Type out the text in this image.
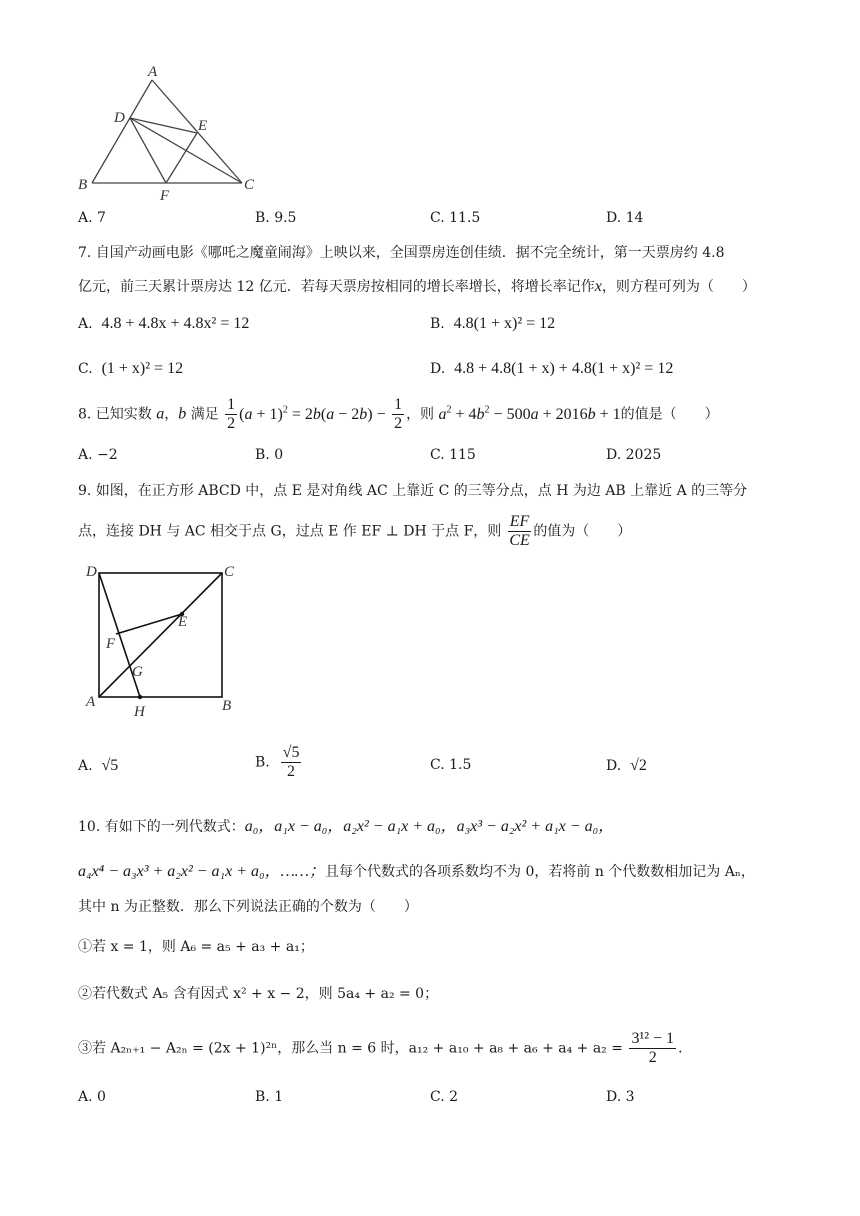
A
D	E
B
F
C
A. 7	B. 9.5	C. 11.5	D. 14
7. 自国产动画电影《哪吒之魔童闹海》上映以来，全国票房连创佳绩．据不完全统计，第一天票房约 4.8
亿元，前三天累计票房达 12 亿元．若每天票房按相同的增长率增长，将增长率记作x，则方程可列为（　　）
A. 4.8 + 4.8x + 4.8x² = 12	B. 4.8(1 + x)² = 12
C. (1 + x)² = 12	D. 4.8 + 4.8(1 + x) + 4.8(1 + x)² = 12
8. 已知实数 a，b 满足 $\frac{1}{2} (a + 1)^2 = 2b(a - 2b) - \frac{1}{2}$ ，则 $a^2 + 4b^2 - 500a + 2016b + 1$的值是（　　）
A. −2	B. 0	C. 115	D. 2025
9. 如图，在正方形 ABCD 中，点 E 是对角线 AC 上靠近 C 的三等分点，点 H 为边 AB 上靠近 A 的三等分
点，连接 DH 与 AC 相交于点 G，过点 E 作 EF ⊥ DH 于点 F，则 $\frac{EF}{CE}$ 的值为（　　）
D	C
E
F
G
A
H	B
A. √5	B. $\frac{√5}{2}$	C. 1.5	D. √2
10. 有如下的一列代数式：a₀，a₁x − a₀，a₂x² − a₁x + a₀，a₃x³ − a₂x² + a₁x − a₀，
a₄x⁴ − a₃x³ + a₂x² − a₁x + a₀，……；且每个代数式的各项系数均不为 0，若将前 n 个代数数相加记为 Aₙ，
其中 n 为正整数．那么下列说法正确的个数为（　　）
①若 x = 1，则 A₆ = a₅ + a₃ + a₁；
②若代数式 A₅ 含有因式 x² + x − 2，则 5a₄ + a₂ = 0；
③若 A₂ₙ₊₁ − A₂ₙ = (2x + 1)²ⁿ，那么当 n = 6 时，$a_{12} + a_{10} + a_8 + a_6 + a_4 + a_2 = \frac{\text{3¹² − 1}}{2}$ ．
A. 0	B. 1	C. 2	D. 3
